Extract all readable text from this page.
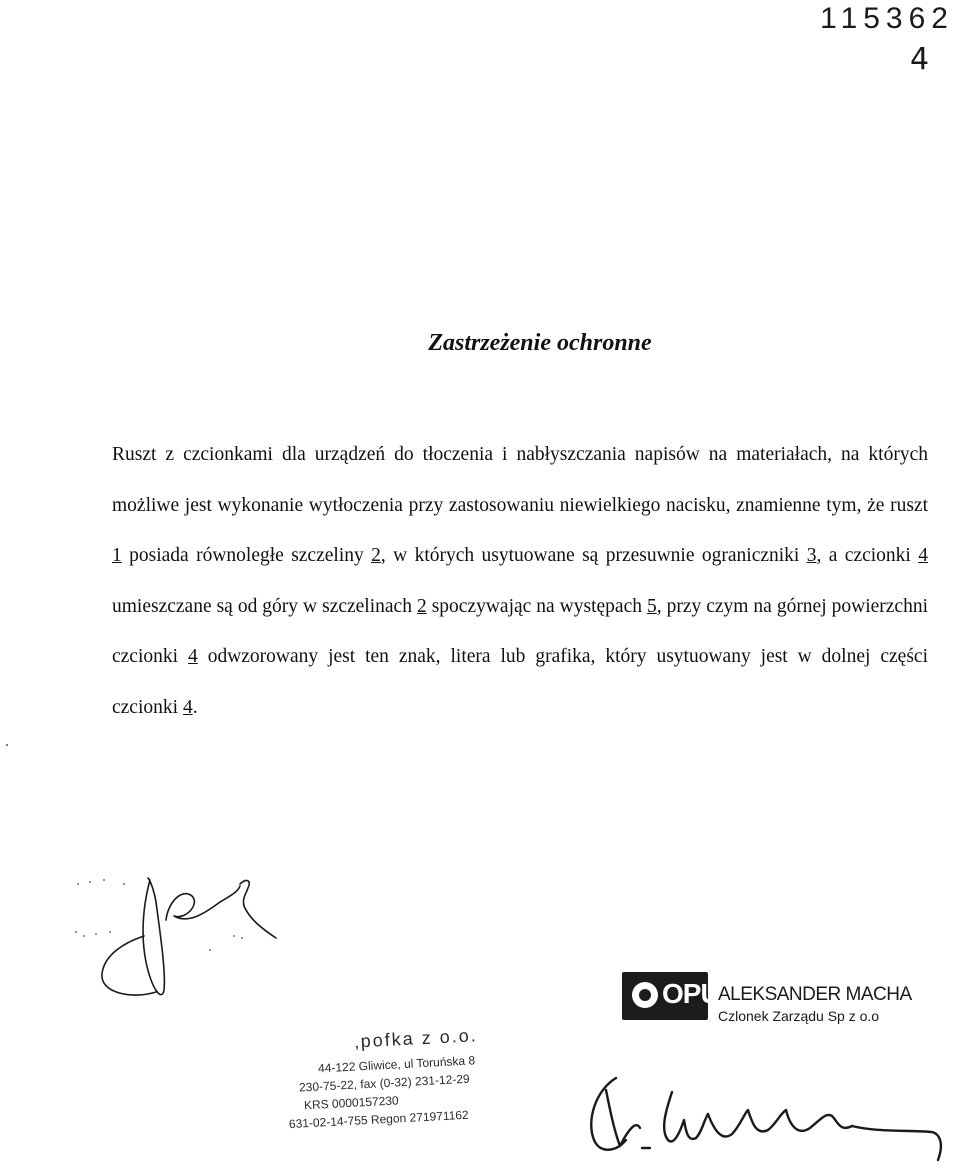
115362
4
Zastrzeżenie ochronne

Ruszt z czcionkami dla urządzeń do tłoczenia i nabłyszczania napisów na materiałach, na których możliwe jest wykonanie wytłoczenia przy zastosowaniu niewielkiego nacisku, znamienne tym, że ruszt 1 posiada równoległe szczeliny 2, w których usytuowane są przesuwnie ograniczniki 3, a czcionki 4 umieszczane są od góry w szczelinach 2 spoczywając na występach 5, przy czym na górnej powierzchni czcionki 4 odwzorowany jest ten znak, litera lub grafika, który usytuowany jest w dolnej części czcionki 4.

OPUS
ALEKSANDER MACHA
Czlonek Zarządu Sp z o.o
‚pofka z o.o.
44-122 Gliwice, ul Toruńska 8
230-75-22, fax (0-32) 231-12-29
KRS 0000157230
631-02-14-755 Regon 271971162
